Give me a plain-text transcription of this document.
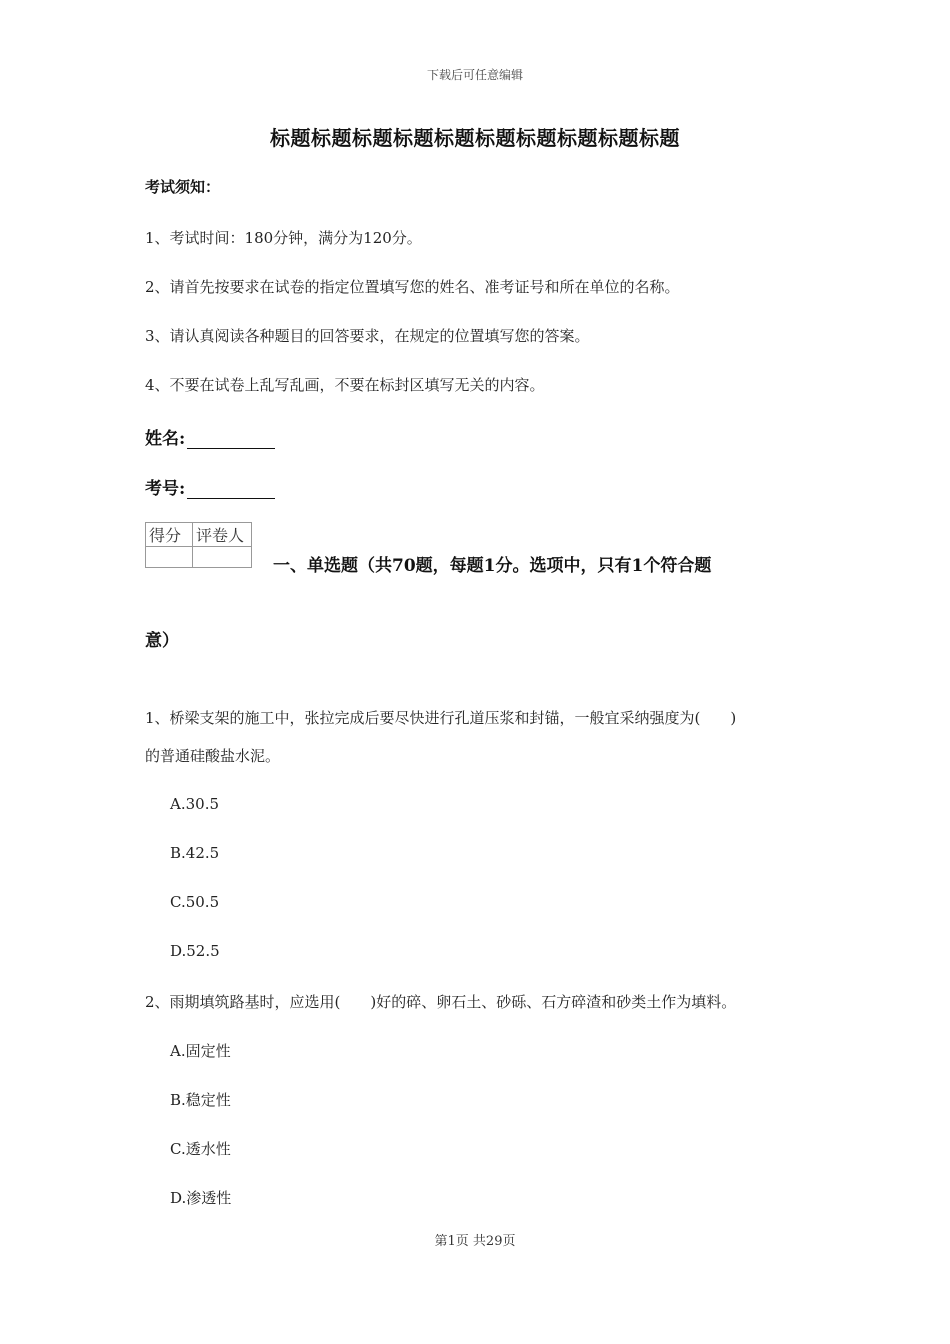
下载后可任意编辑
标题标题标题标题标题标题标题标题标题标题
考试须知：
1、考试时间：180分钟，满分为120分。
2、请首先按要求在试卷的指定位置填写您的姓名、准考证号和所在单位的名称。
3、请认真阅读各种题目的回答要求，在规定的位置填写您的答案。
4、不要在试卷上乱写乱画，不要在标封区填写无关的内容。
姓名:
考号:
得分	评卷人

一、单选题（共70题，每题1分。选项中，只有1个符合题
意）
1、桥梁支架的施工中，张拉完成后要尽快进行孔道压浆和封锚，一般宜采纳强度为(　　)
的普通硅酸盐水泥。
A.30.5
B.42.5
C.50.5
D.52.5
2、雨期填筑路基时，应选用(　　)好的碎、卵石土、砂砾、石方碎渣和砂类土作为填料。
A.固定性
B.稳定性
C.透水性
D.渗透性
第1页 共29页
